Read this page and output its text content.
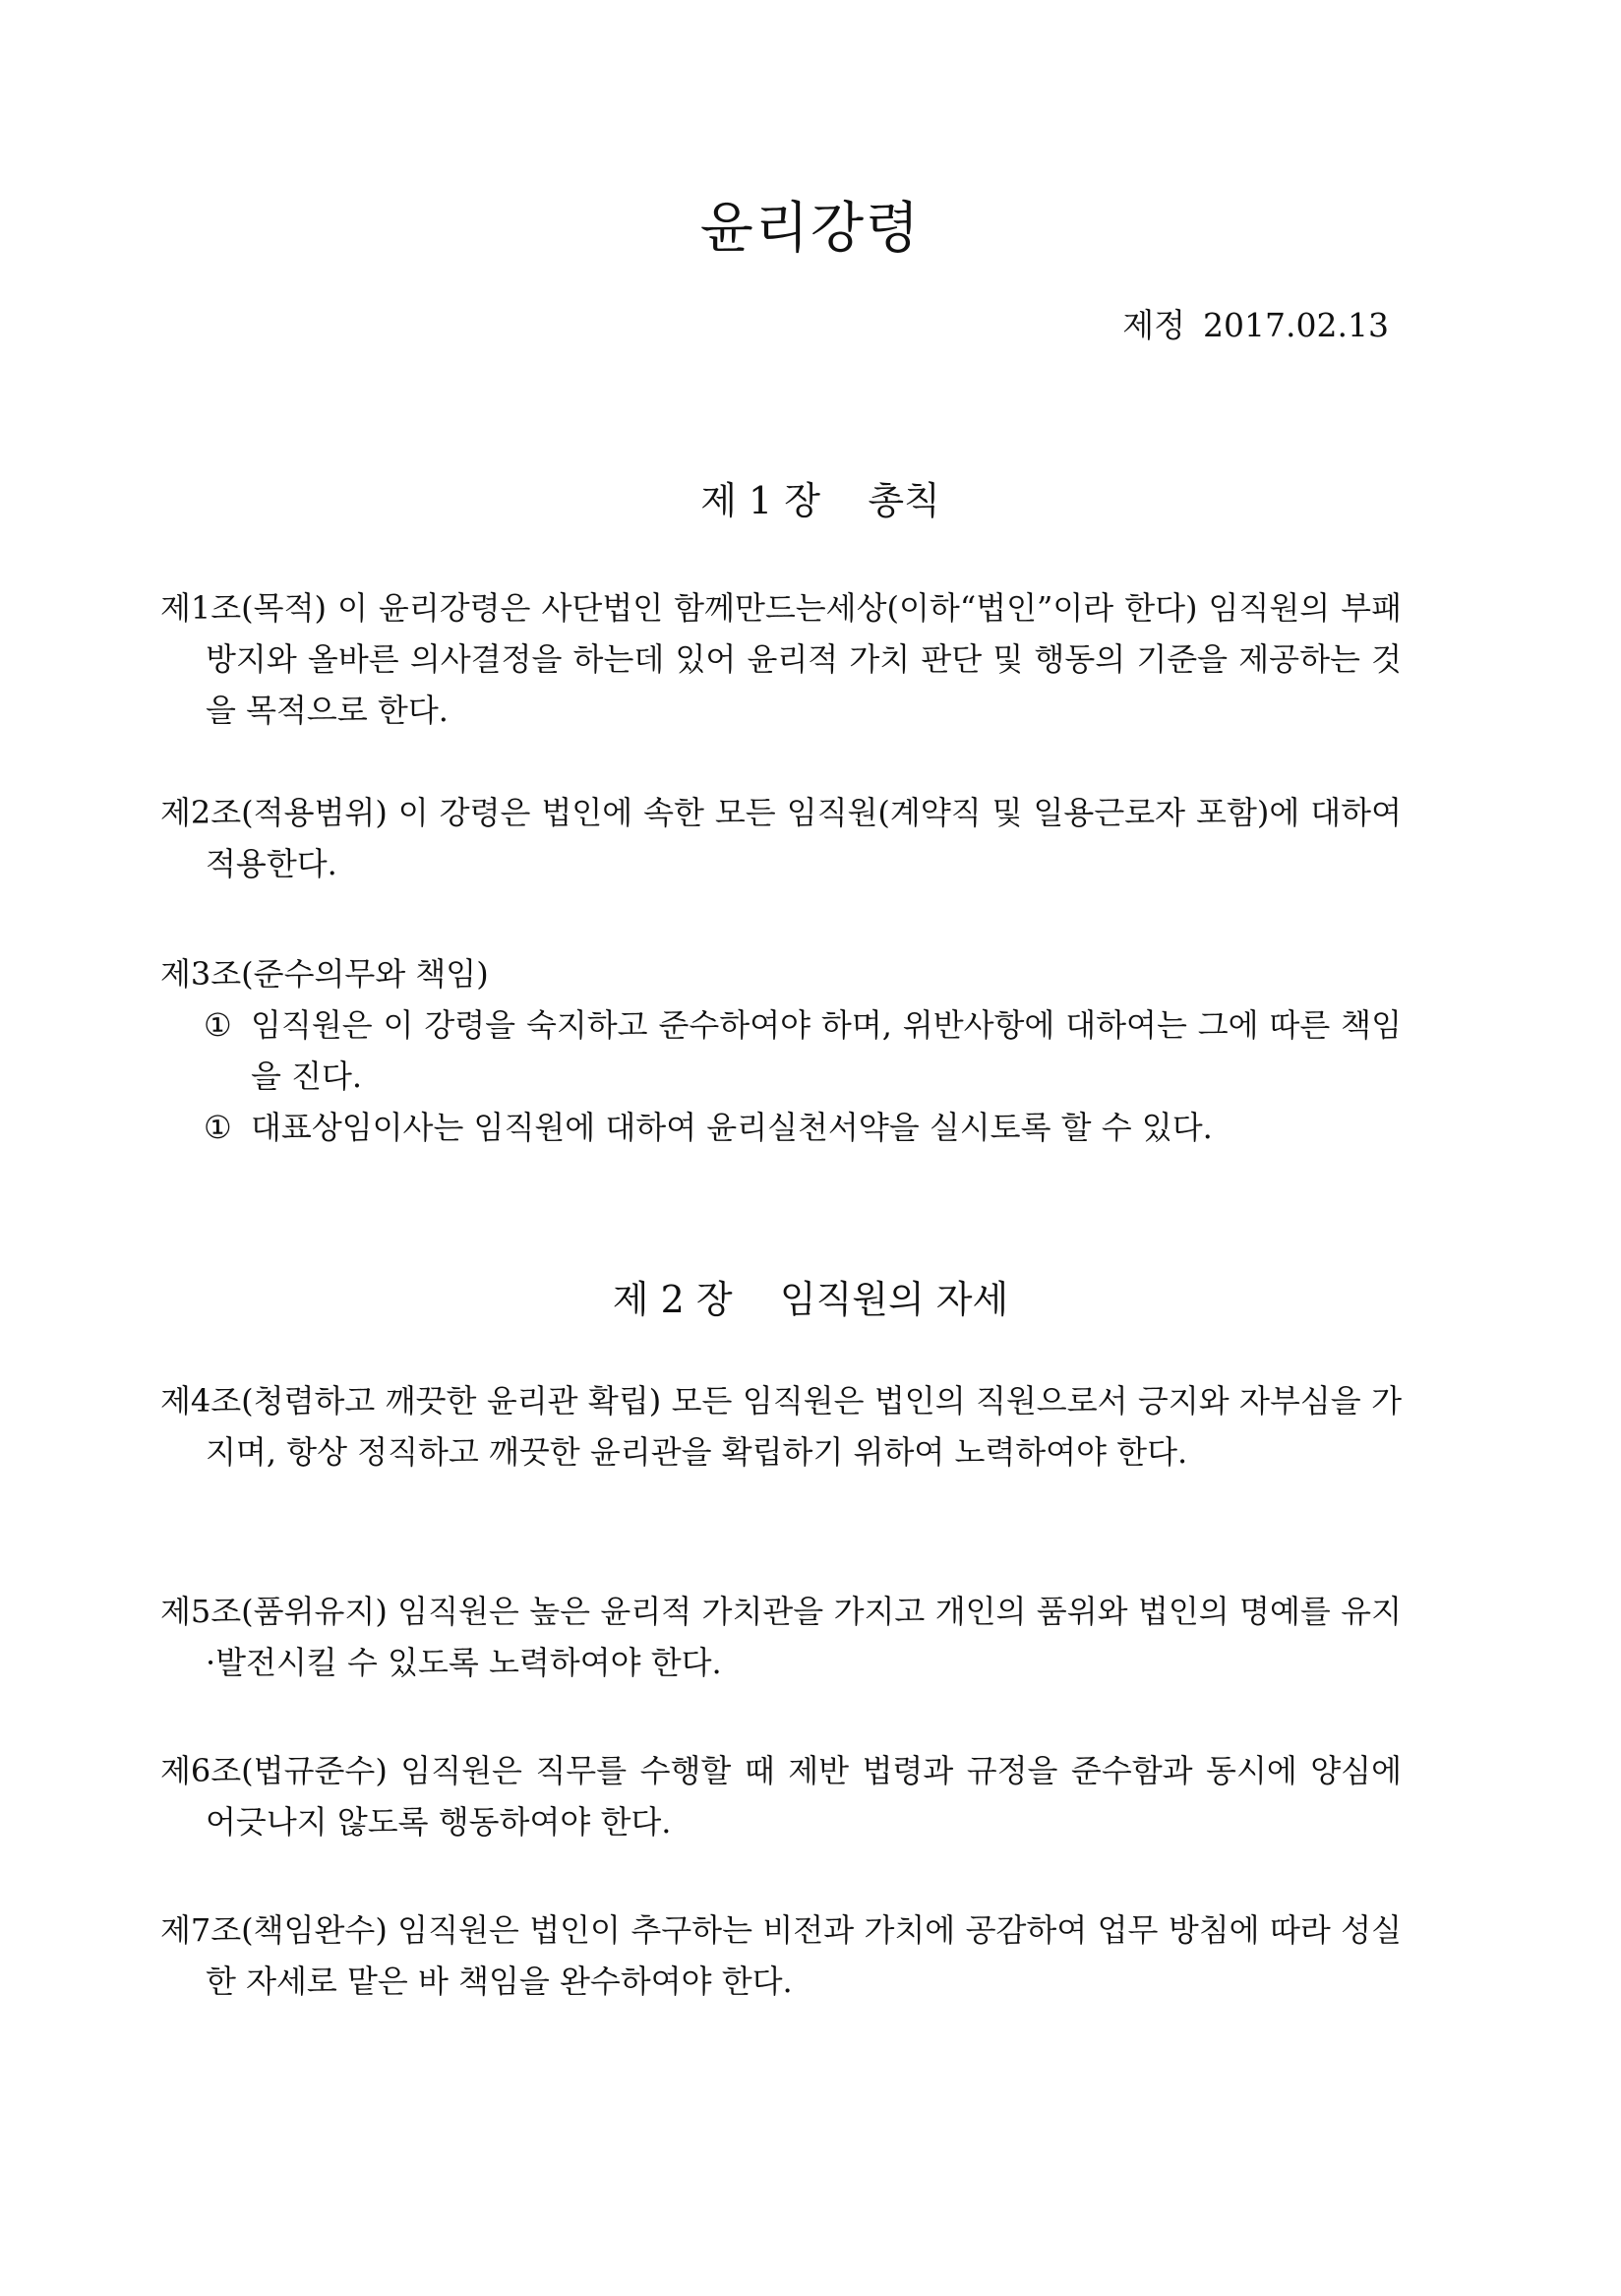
윤리강령
제정 2017.02.13
제 1 장    총칙

제1조(목적) 이 윤리강령은 사단법인 함께만드는세상(이하“법인”이라 한다) 임직원의 부패방지와 올바른 의사결정을 하는데 있어 윤리적 가치 판단 및 행동의 기준을 제공하는 것을 목적으로 한다.

제2조(적용범위) 이 강령은 법인에 속한 모든 임직원(계약직 및 일용근로자 포함)에 대하여 적용한다.

제3조(준수의무와 책임)

① 임직원은 이 강령을 숙지하고 준수하여야 하며, 위반사항에 대하여는 그에 따른 책임을 진다.
① 대표상임이사는 임직원에 대하여 윤리실천서약을 실시토록 할 수 있다.
제 2 장    임직원의 자세

제4조(청렴하고 깨끗한 윤리관 확립) 모든 임직원은 법인의 직원으로서 긍지와 자부심을 가지며, 항상 정직하고 깨끗한 윤리관을 확립하기 위하여 노력하여야 한다.

제5조(품위유지) 임직원은 높은 윤리적 가치관을 가지고 개인의 품위와 법인의 명예를 유지·발전시킬 수 있도록 노력하여야 한다.

제6조(법규준수) 임직원은 직무를 수행할 때 제반 법령과 규정을 준수함과 동시에 양심에 어긋나지 않도록 행동하여야 한다.

제7조(책임완수) 임직원은 법인이 추구하는 비전과 가치에 공감하여 업무 방침에 따라 성실한 자세로 맡은 바 책임을 완수하여야 한다.
